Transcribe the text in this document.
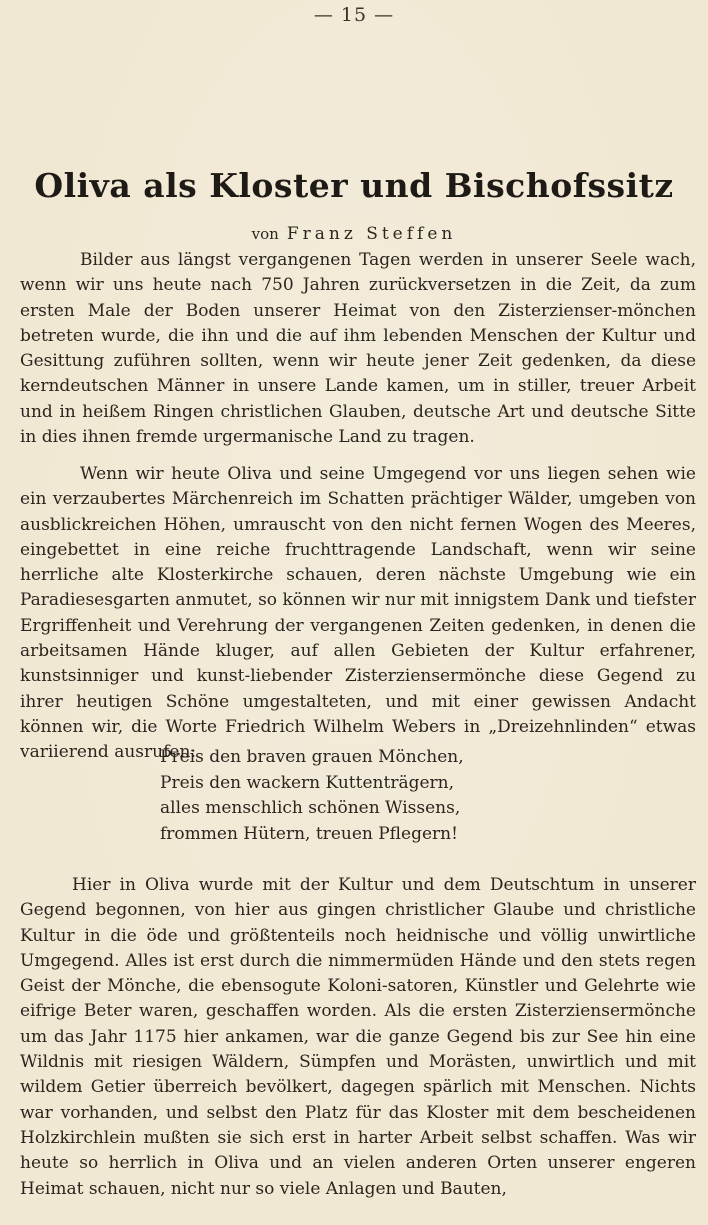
— 15 —
Oliva als Kloster und Bischofssitz
von Franz Steffen
Bilder aus längst vergangenen Tagen werden in unserer Seele wach, wenn wir uns heute nach 750 Jahren zurückversetzen in die Zeit, da zum ersten Male der Boden unserer Heimat von den Zisterzienser-mönchen betreten wurde, die ihn und die auf ihm lebenden Menschen der Kultur und Gesittung zuführen sollten, wenn wir heute jener Zeit gedenken, da diese kerndeutschen Männer in unsere Lande kamen, um in stiller, treuer Arbeit und in heißem Ringen christlichen Glauben, deutsche Art und deutsche Sitte in dies ihnen fremde urgermanische Land zu tragen.
Wenn wir heute Oliva und seine Umgegend vor uns liegen sehen wie ein verzaubertes Märchenreich im Schatten prächtiger Wälder, umgeben von ausblickreichen Höhen, umrauscht von den nicht fernen Wogen des Meeres, eingebettet in eine reiche fruchttragende Landschaft, wenn wir seine herrliche alte Klosterkirche schauen, deren nächste Umgebung wie ein Paradiesesgarten anmutet, so können wir nur mit innigstem Dank und tiefster Ergriffenheit und Verehrung der vergangenen Zeiten gedenken, in denen die arbeitsamen Hände kluger, auf allen Gebieten der Kultur erfahrener, kunstsinniger und kunst-liebender Zisterziensermönche diese Gegend zu ihrer heutigen Schöne umgestalteten, und mit einer gewissen Andacht können wir, die Worte Friedrich Wilhelm Webers in „Dreizehnlinden“ etwas variierend ausrufen:
Preis den braven grauen Mönchen,
Preis den wackern Kuttenträgern,
alles menschlich schönen Wissens,
frommen Hütern, treuen Pflegern!
Hier in Oliva wurde mit der Kultur und dem Deutschtum in unserer Gegend begonnen, von hier aus gingen christlicher Glaube und christliche Kultur in die öde und größtenteils noch heidnische und völlig unwirtliche Umgegend. Alles ist erst durch die nimmermüden Hände und den stets regen Geist der Mönche, die ebensogute Koloni-satoren, Künstler und Gelehrte wie eifrige Beter waren, geschaffen worden. Als die ersten Zisterziensermönche um das Jahr 1175 hier ankamen, war die ganze Gegend bis zur See hin eine Wildnis mit riesigen Wäldern, Sümpfen und Morästen, unwirtlich und mit wildem Getier überreich bevölkert, dagegen spärlich mit Menschen. Nichts war vorhanden, und selbst den Platz für das Kloster mit dem bescheidenen Holzkirchlein mußten sie sich erst in harter Arbeit selbst schaffen. Was wir heute so herrlich in Oliva und an vielen anderen Orten unserer engeren Heimat schauen, nicht nur so viele Anlagen und Bauten,
